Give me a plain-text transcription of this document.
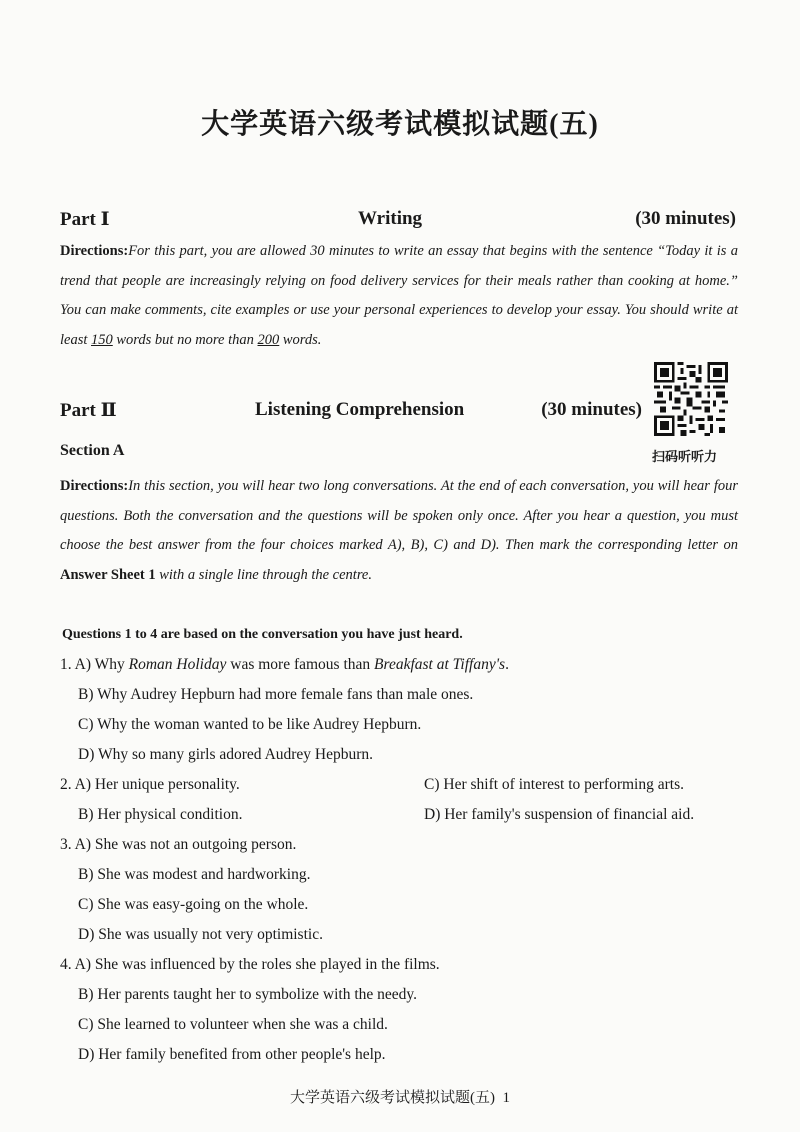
大学英语六级考试模拟试题(五)
Part Ⅰ	Writing	(30 minutes)
Directions:For this part, you are allowed 30 minutes to write an essay that begins with the sentence “Today it is a trend that people are increasingly relying on food delivery services for their meals rather than cooking at home.” You can make comments, cite examples or use your personal experiences to develop your essay. You should write at least 150 words but no more than 200 words.
Part Ⅱ	Listening Comprehension	(30 minutes)
扫码听听力
Section A
Directions:In this section, you will hear two long conversations. At the end of each conversation, you will hear four questions. Both the conversation and the questions will be spoken only once. After you hear a question, you must choose the best answer from the four choices marked A), B), C) and D). Then mark the corresponding letter on Answer Sheet 1 with a single line through the centre.
Questions 1 to 4 are based on the conversation you have just heard.
1. A) Why Roman Holiday was more famous than Breakfast at Tiffany's.
B) Why Audrey Hepburn had more female fans than male ones.
C) Why the woman wanted to be like Audrey Hepburn.
D) Why so many girls adored Audrey Hepburn.
2. A) Her unique personality.	C) Her shift of interest to performing arts.
B) Her physical condition.	D) Her family's suspension of financial aid.
3. A) She was not an outgoing person.
B) She was modest and hardworking.
C) She was easy-going on the whole.
D) She was usually not very optimistic.
4. A) She was influenced by the roles she played in the films.
B) Her parents taught her to symbolize with the needy.
C) She learned to volunteer when she was a child.
D) Her family benefited from other people's help.
大学英语六级考试模拟试题(五) 1
